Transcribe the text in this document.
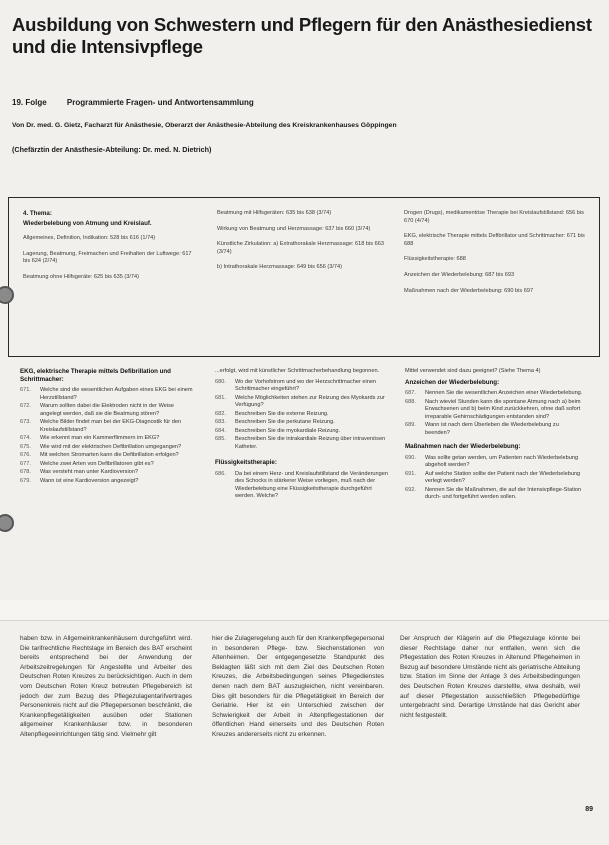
Ausbildung von Schwestern und Pflegern für den Anästhesiedienst und die Intensivpflege
19. Folge	Programmierte Fragen- und Antwortensammlung
Von Dr. med. G. Gietz, Facharzt für Anästhesie, Oberarzt der Anästhesie-Abteilung des Kreiskrankenhauses Göppingen
(Chefärztin der Anästhesie-Abteilung: Dr. med. N. Dietrich)

4. Thema:

Wiederbelebung von Atmung und Kreislauf.

Allgemeines, Definition, Indikation: 528 bis 616 (1/74)

Lagerung, Beatmung, Freimachen und Freihalten der Luftwege: 617 bis 624 (2/74)

Beatmung ohne Hilfsgeräte: 625 bis 635 (3/74)

Beatmung mit Hilfsgeräten: 635 bis 638 (3/74)

Wirkung von Beatmung und Herzmassage: 637 bis 660 (3/74)

Künstliche Zirkulation: a) Extrathorakale Herzmassage: 618 bis 663 (3/74)

b) Intrathorakale Herzmassage: 649 bis 656 (3/74)

Drogen (Drugs), medikamentöse Therapie bei Kreislaufstillstand: 656 bis 670 (4/74)

EKG, elektrische Therapie mittels Defibrillator und Schrittmacher: 671 bis 688

Flüssigkeitstherapie: 688

Anzeichen der Wiederbelebung: 687 bis 693

Maßnahmen nach der Wiederbelebung: 690 bis 697

EKG, elektrische Therapie mittels Defibrillation und Schrittmacher:
671.	Welche sind die wesentlichen Aufgaben eines EKG bei einem Herzstillstand?
672.	Warum sollten dabei die Elektroden nicht in der Weise angelegt werden, daß sie die Beatmung stören?
673.	Welche Bilder findet man bei der EKG-Diagnostik für den Kreislaufstillstand?
674.	Wie erkennt man ein Kammerflimmern im EKG?
675.	Wie wird mit der elektrischen Defibrillation umgegangen?
676.	Mit welchen Stromarten kann die Defibrillation erfolgen?
677.	Welche zwei Arten von Defibrillatoren gibt es?
678.	Was versteht man unter Kardioversion?
679.	Wann ist eine Kardioversion angezeigt?
...erfolgt, wird mit künstlicher Schrittmacherbehandlung begonnen.
680.	Wo der Vorhofstrom und wo der Herzschrittmacher einen Schrittmacher eingeführt?
681.	Welche Möglichkeiten stehen zur Reizung des Myokards zur Verfügung?
682.	Beschreiben Sie die externe Reizung.
683.	Beschreiben Sie die perkutane Reizung.
684.	Beschreiben Sie die myokardiale Reizung.
685.	Beschreiben Sie die intrakardiale Reizung über intravenösen Katheter.
Flüssigkeitstherapie:
686.	Da bei einem Herz- und Kreislaufstillstand die Veränderungen des Schocks in stärkerer Weise vorliegen, muß nach der Wiederbelebung eine Flüssigkeitstherapie durchgeführt werden. Welche?
Mittel verwendet sind dazu geeignet? (Siehe Thema 4)
Anzeichen der Wiederbelebung:
687.	Nennen Sie die wesentlichen Anzeichen einer Wiederbelebung.
688.	Nach wieviel Stunden kann die spontane Atmung nach a) beim Erwachsenen und b) beim Kind zurückkehren, ohne daß sofort irreparable Gehirnschädigungen entstanden sind?
689.	Wann ist nach dem Überleben die Wiederbelebung zu beenden?
Maßnahmen nach der Wiederbelebung:
690.	Was sollte getan werden, um Patienten nach Wiederbelebung abgeholt werden?
691.	Auf welche Station sollte der Patient nach der Wiederbelebung verlegt werden?
692.	Nennen Sie die Maßnahmen, die auf der Intensivpflege-Station durch- und fortgeführt werden sollen.
haben bzw. in Allgemeinkrankenhäusern durchgeführt wird. Die tarifrechtliche Rechtslage im Bereich des BAT erscheint bereits entsprechend bei der Anwendung der Arbeitszeitregelungen für Angestellte und Arbeiter des Deutschen Roten Kreuzes zu berücksichtigen. Auch in dem vom Deutschen Roten Kreuz betreuten Pflegebereich ist jedoch der zum Bezug des Pflegezulagentarifvertrages Personenkreis nicht auf die Pflegepersonen beschränkt, die Krankenpflegetätigkeiten ausüben oder Stationen allgemeiner Krankenhäuser bzw. in besonderen Altenpflegeeinrichtungen tätig sind. Vielmehr gilt
hier die Zulageregelung auch für den Krankenpflegepersonal in besonderen Pflege- bzw. Siechenstationen von Altenheimen. Der entgegengesetzte Standpunkt des Beklagten läßt sich mit dem Ziel des Deutschen Roten Kreuzes, die Arbeitsbedingungen seines Pflegedienstes denen nach dem BAT auszugleichen, nicht vereinbaren. Dies gilt besonders für die Pflegetätigkeit im Bereich der Geriatrie. Hier ist ein Unterschied zwischen der Schwierigkeit der Arbeit in Altenpflegestationen der öffentlichen Hand einerseits und des Deutschen Roten Kreuzes andererseits nicht zu erkennen.
Der Anspruch der Klägerin auf die Pflegezulage könnte bei dieser Rechtslage daher nur entfallen, wenn sich die Pflegestation des Roten Kreuzes in Altenund Pflegeheimen in Bezug auf besondere Umstände nicht als geriatrische Abteilung bzw. Station im Sinne der Anlage 3 des Arbeitsbedingungen des Deutschen Roten Kreuzes darstellte, etwa deshalb, weil auf dieser Pflegestation ausschließlich Pflegebedürftige untergebracht sind. Derartige Umstände hat das Gericht aber nicht festgestellt.
89
